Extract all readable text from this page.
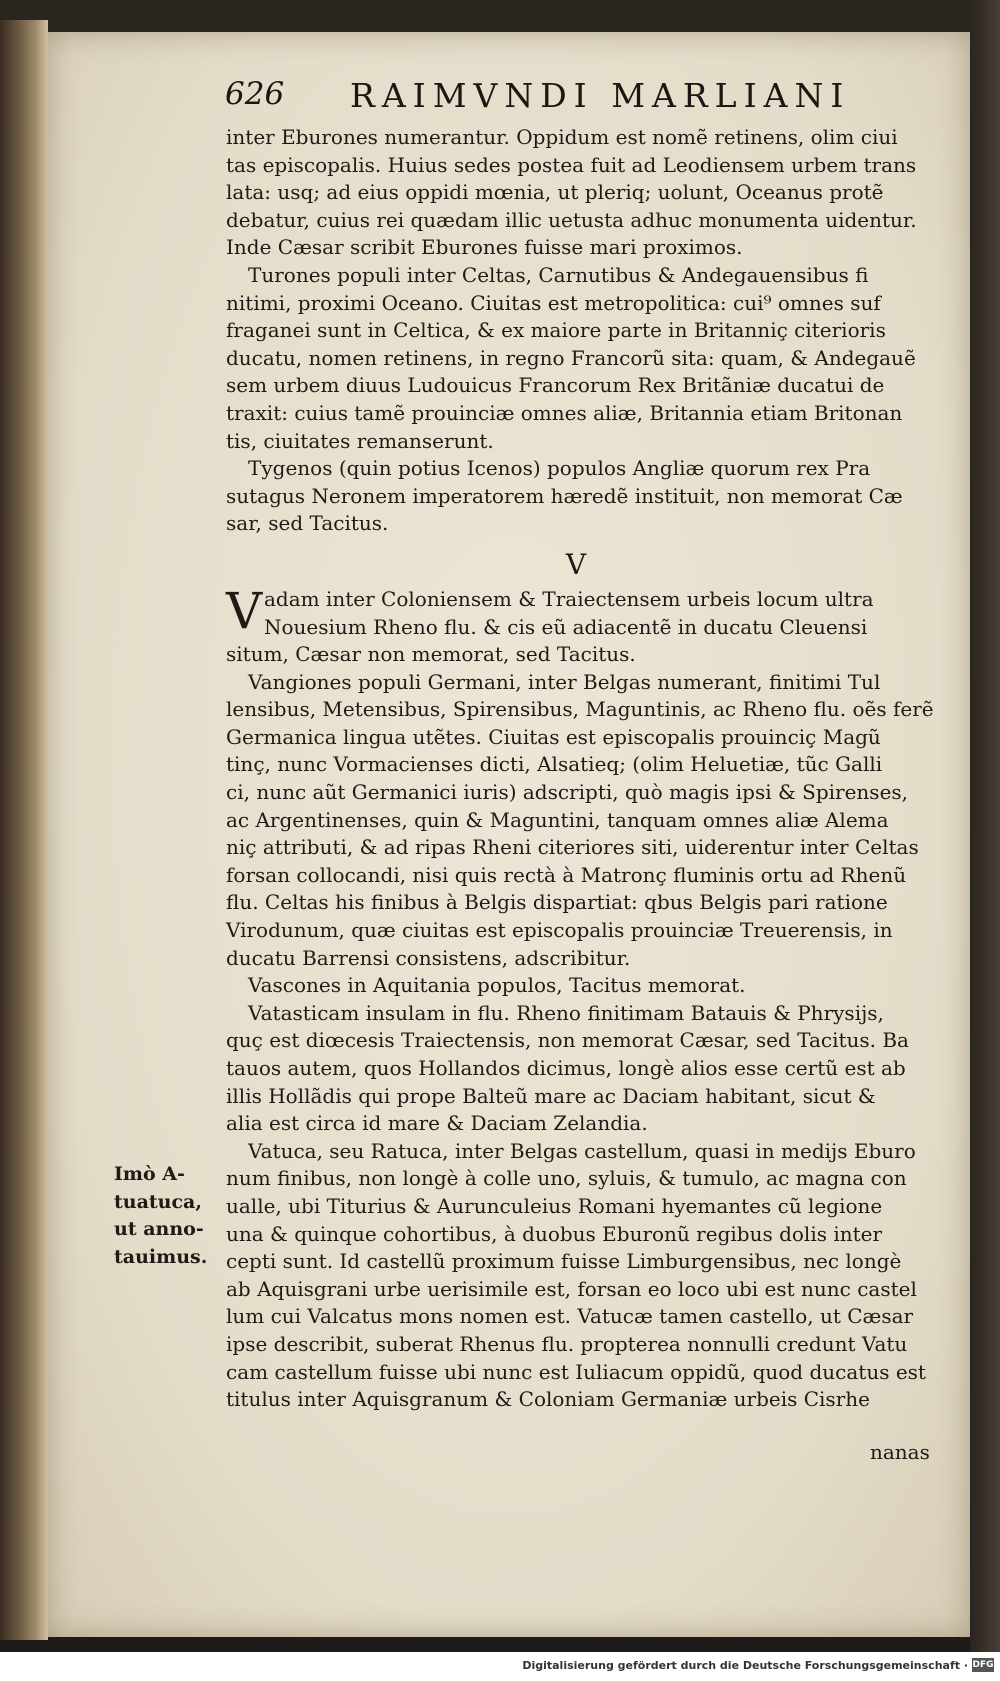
626 RAIMVNDI MARLIANI
inter Eburones numerantur. Oppidum est nomẽ retinens, olim ciui
tas episcopalis. Huius sedes postea fuit ad Leodiensem urbem trans
lata: usq; ad eius oppidi mœnia, ut pleriq; uolunt, Oceanus protẽ
debatur, cuius rei quædam illic uetusta adhuc monumenta uidentur.
Inde Cæsar scribit Eburones fuisse mari proximos.
Turones populi inter Celtas, Carnutibus & Andegauensibus fi
nitimi, proximi Oceano. Ciuitas est metropolitica: cui⁹ omnes suf
fraganei sunt in Celtica, & ex maiore parte in Britanniç citerioris
ducatu, nomen retinens, in regno Francorũ sita: quam, & Andegauẽ
sem urbem diuus Ludouicus Francorum Rex Britãniæ ducatui de
traxit: cuius tamẽ prouinciæ omnes aliæ, Britannia etiam Britonan
tis, ciuitates remanserunt.
Tygenos (quin potius Icenos) populos Angliæ quorum rex Pra
sutagus Neronem imperatorem hæredẽ instituit, non memorat Cæ
sar, sed Tacitus.
V
V adam inter Coloniensem & Traiectensem urbeis locum ultra
Nouesium Rheno flu. & cis eũ adiacentẽ in ducatu Cleuensi
situm, Cæsar non memorat, sed Tacitus.
Vangiones populi Germani, inter Belgas numerant, finitimi Tul
lensibus, Metensibus, Spirensibus, Maguntinis, ac Rheno flu. oẽs ferẽ
Germanica lingua utẽtes. Ciuitas est episcopalis prouinciç Magũ
tinç, nunc Vormacienses dicti, Alsatieq; (olim Heluetiæ, tũc Galli
ci, nunc aũt Germanici iuris) adscripti, quò magis ipsi & Spirenses,
ac Argentinenses, quin & Maguntini, tanquam omnes aliæ Alema
niç attributi, & ad ripas Rheni citeriores siti, uiderentur inter Celtas
forsan collocandi, nisi quis rectà à Matronç fluminis ortu ad Rhenũ
flu. Celtas his finibus à Belgis dispartiat: qbus Belgis pari ratione
Virodunum, quæ ciuitas est episcopalis prouinciæ Treuerensis, in
ducatu Barrensi consistens, adscribitur.
Vascones in Aquitania populos, Tacitus memorat.
Vatasticam insulam in flu. Rheno finitimam Batauis & Phrysijs,
quç est diœcesis Traiectensis, non memorat Cæsar, sed Tacitus. Ba
tauos autem, quos Hollandos dicimus, longè alios esse certũ est ab
illis Hollãdis qui prope Balteũ mare ac Daciam habitant, sicut &
alia est circa id mare & Daciam Zelandia.
Vatuca, seu Ratuca, inter Belgas castellum, quasi in medijs Eburo
num finibus, non longè à colle uno, syluis, & tumulo, ac magna con
ualle, ubi Titurius & Aurunculeius Romani hyemantes cũ legione
una & quinque cohortibus, à duobus Eburonũ regibus dolis inter
cepti sunt. Id castellũ proximum fuisse Limburgensibus, nec longè
ab Aquisgrani urbe uerisimile est, forsan eo loco ubi est nunc castel
lum cui Valcatus mons nomen est. Vatucæ tamen castello, ut Cæsar
ipse describit, suberat Rhenus flu. propterea nonnulli credunt Vatu
cam castellum fuisse ubi nunc est Iuliacum oppidũ, quod ducatus est
titulus inter Aquisgranum & Coloniam Germaniæ urbeis Cisrhe
Imò A-
tuatuca,
ut anno-
tauimus.
nanas
Digitalisierung gefördert durch die Deutsche Forschungsgemeinschaft · DFG
